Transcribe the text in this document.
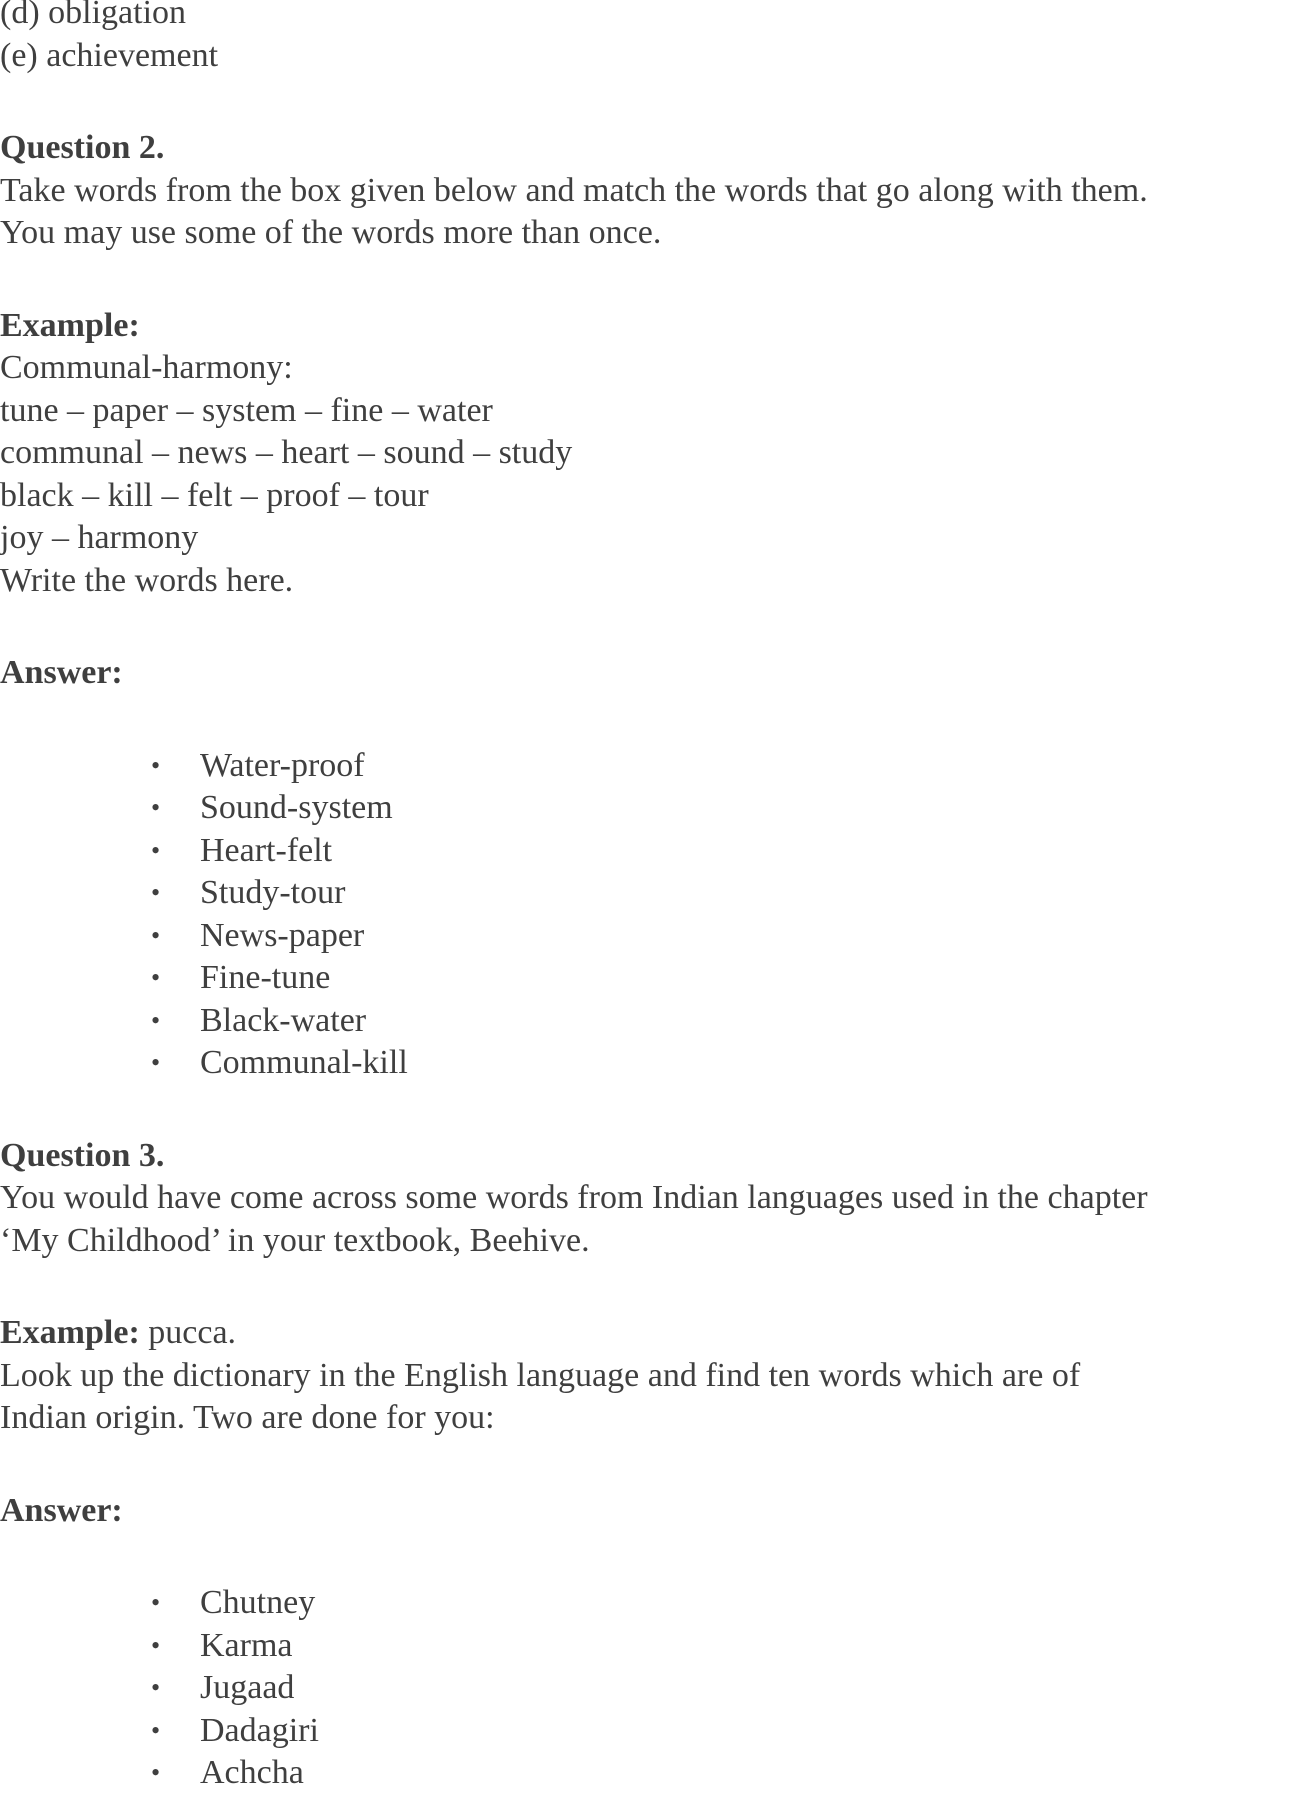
(d) obligation
(e) achievement
Question 2.
Take words from the box given below and match the words that go along with them.
You may use some of the words more than once.
Example:
Communal-harmony:
tune – paper – system – fine – water
communal – news – heart – sound – study
black – kill – felt – proof – tour
joy – harmony
Write the words here.
Answer:
• Water-proof
• Sound-system
• Heart-felt
• Study-tour
• News-paper
• Fine-tune
• Black-water
• Communal-kill
Question 3.
You would have come across some words from Indian languages used in the chapter
‘My Childhood’ in your textbook, Beehive.
Example: pucca.
Look up the dictionary in the English language and find ten words which are of
Indian origin. Two are done for you:
Answer:
• Chutney
• Karma
• Jugaad
• Dadagiri
• Achcha
